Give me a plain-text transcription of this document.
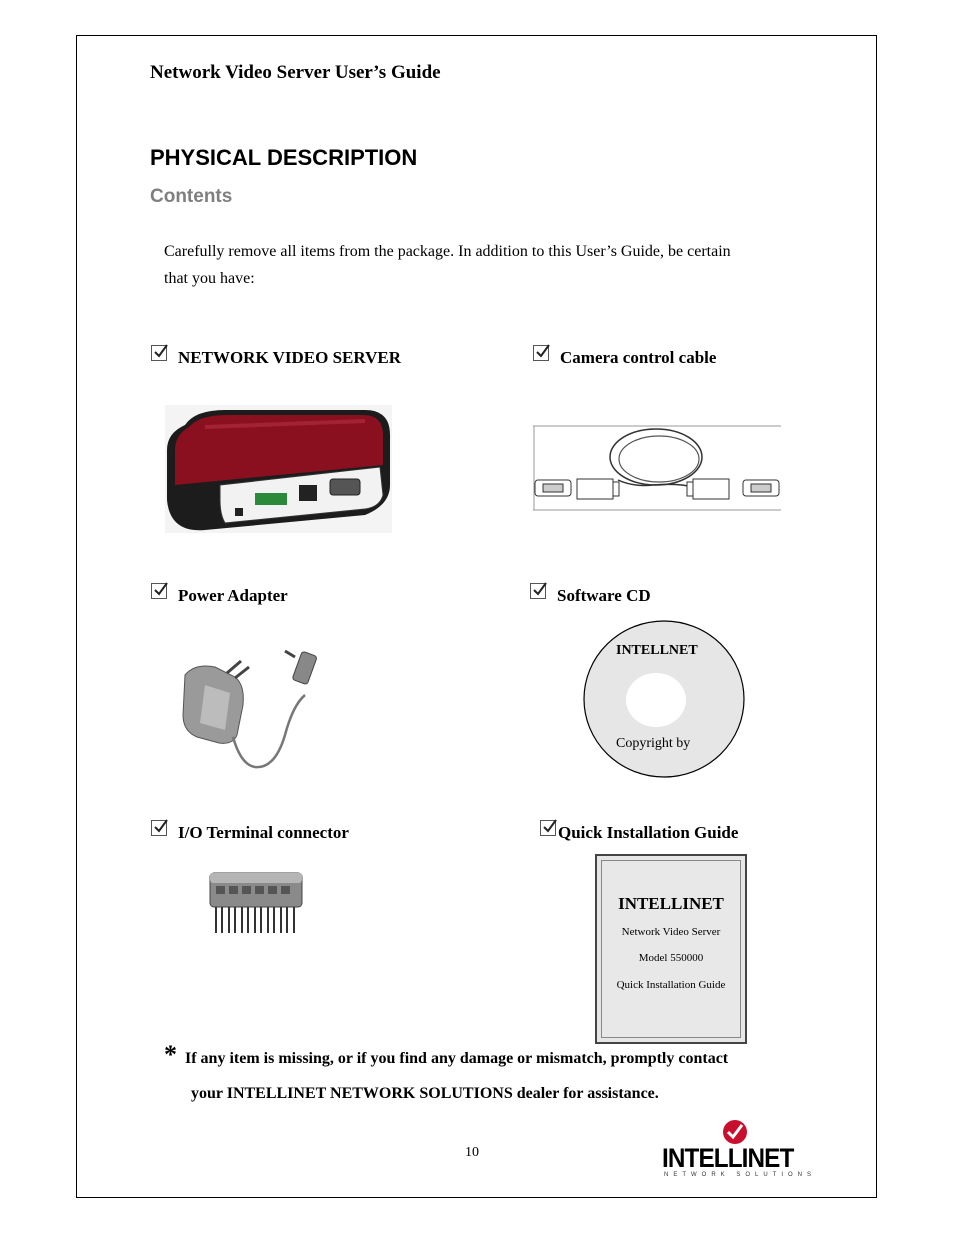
Network Video Server User’s Guide
PHYSICAL DESCRIPTION
Contents
Carefully remove all items from the package. In addition to this User’s Guide, be certain
that you have:
NETWORK VIDEO SERVER	Camera control cable
Power Adapter	Software CD
INTELLNET
Copyright by
I/O Terminal connector	Quick Installation Guide
INTELLINET
Network Video Server
Model 550000
Quick Installation Guide
* If any item is missing, or if you find any damage or mismatch, promptly contact
your INTELLINET NETWORK SOLUTIONS dealer for assistance.
10	INTELLINET
NETWORK SOLUTIONS
